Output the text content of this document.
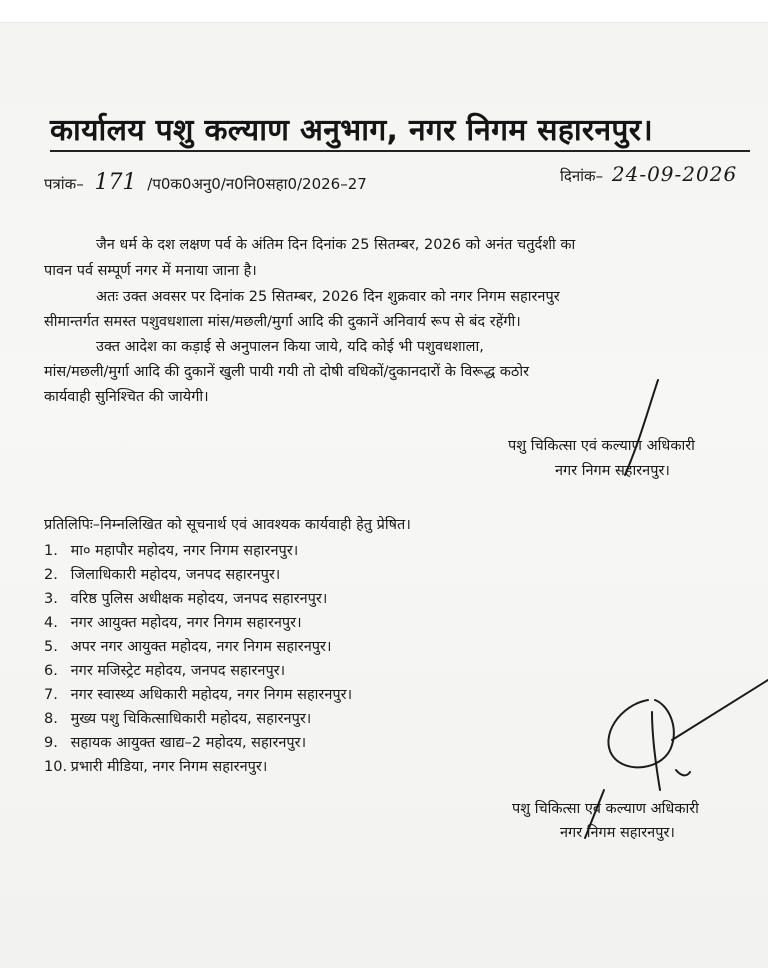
कार्यालय पशु कल्याण अनुभाग, नगर निगम सहारनपुर।
पत्रांक– 171 /प0क0अनु0/न0नि0सहा0/2026–27	दिनांक– 24-09-2026
जैन धर्म के दश लक्षण पर्व के अंतिम दिन दिनांक 25 सितम्बर, 2026 को अनंत चतुर्दशी का
पावन पर्व सम्पूर्ण नगर में मनाया जाना है।
अतः उक्त अवसर पर दिनांक 25 सितम्बर, 2026 दिन शुक्रवार को नगर निगम सहारनपुर
सीमान्तर्गत समस्त पशुवधशाला मांस/मछली/मुर्गा आदि की दुकानें अनिवार्य रूप से बंद रहेंगी।
उक्त आदेश का कड़ाई से अनुपालन किया जाये, यदि कोई भी पशुवधशाला,
मांस/मछली/मुर्गा आदि की दुकानें खुली पायी गयी तो दोषी वधिकों/दुकानदारों के विरूद्ध कठोर
कार्यवाही सुनिश्चित की जायेगी।
पशु चिकित्सा एवं कल्याण अधिकारी
नगर निगम सहारनपुर।
प्रतिलिपिः–निम्नलिखित को सूचनार्थ एवं आवश्यक कार्यवाही हेतु प्रेषित।
1. मा० महापौर महोदय, नगर निगम सहारनपुर।
2. जिलाधिकारी महोदय, जनपद सहारनपुर।
3. वरिष्ठ पुलिस अधीक्षक महोदय, जनपद सहारनपुर।
4. नगर आयुक्त महोदय, नगर निगम सहारनपुर।
5. अपर नगर आयुक्त महोदय, नगर निगम सहारनपुर।
6. नगर मजिस्ट्रेट महोदय, जनपद सहारनपुर।
7. नगर स्वास्थ्य अधिकारी महोदय, नगर निगम सहारनपुर।
8. मुख्य पशु चिकित्साधिकारी महोदय, सहारनपुर।
9. सहायक आयुक्त खाद्य–2 महोदय, सहारनपुर।
10. प्रभारी मीडिया, नगर निगम सहारनपुर।
पशु चिकित्सा एवं कल्याण अधिकारी
नगर निगम सहारनपुर।
